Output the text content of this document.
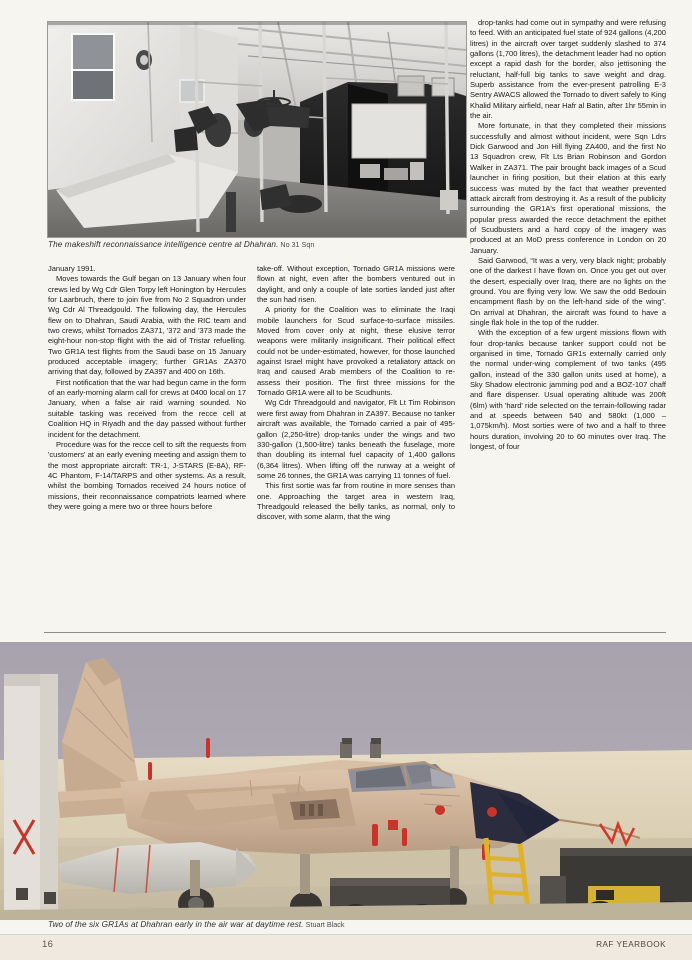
The makeshift reconnaissance intelligence centre at Dhahran. No 31 Sqn

drop-tanks had come out in sympathy and were refusing to feed. With an anticipated fuel state of 924 gallons (4,200 litres) in the aircraft over target suddenly slashed to 374 gallons (1,700 litres), the detachment leader had no option except a rapid dash for the border, also jettisoning the reluctant, half-full big tanks to save weight and drag. Superb assistance from the ever-present patrolling E-3 Sentry AWACS allowed the Tornado to divert safely to King Khalid Military airfield, near Hafr al Batin, after 1hr 55min in the air.

More fortunate, in that they completed their missions successfully and almost without incident, were Sqn Ldrs Dick Garwood and Jon Hill flying ZA400, and the first No 13 Squadron crew, Flt Lts Brian Robinson and Gordon Walker in ZA371. The pair brought back images of a Scud launcher in firing position, but their elation at this early success was muted by the fact that weather prevented attack aircraft from destroying it. As a result of the publicity surrounding the GR1A's first operational missions, the popular press awarded the recce detachment the epithet of Scudbusters and a hard copy of the imagery was produced at an MoD press conference in London on 20 January.

Said Garwood, “It was a very, very black night; probably one of the darkest I have flown on. Once you get out over the desert, especially over Iraq, there are no lights on the ground. You are flying very low. We saw the odd Bedouin encampment flash by on the left-hand side of the wing”. On arrival at Dhahran, the aircraft was found to have a single flak hole in the top of the rudder.

With the exception of a few urgent missions flown with four drop-tanks because tanker support could not be organised in time, Tornado GR1s externally carried only the normal under-wing complement of two tanks (495 gallon, instead of the 330 gallon units used at home), a Sky Shadow electronic jamming pod and a BOZ-107 chaff and flare dispenser. Usual operating altitude was 200ft (6lm) with 'hard' ride selected on the terrain-following radar and at speeds between 540 and 580kt (1,000 – 1,075km/h). Most sorties were of two and a half to three hours duration, involving 20 to 60 minutes over Iraq. The longest, of four

January 1991.

Moves towards the Gulf began on 13 January when four crews led by Wg Cdr Glen Torpy left Honington by Hercules for Laarbruch, there to join five from No 2 Squadron under Wg Cdr Al Threadgould. The following day, the Hercules flew on to Dhahran, Saudi Arabia, with the RIC team and two crews, whilst Tornados ZA371, '372 and '373 made the eight-hour non-stop flight with the aid of Tristar refuelling. Two GR1A test flights from the Saudi base on 15 January produced acceptable imagery; further GR1As ZA370 arriving that day, followed by ZA397 and 400 on 16th.

First notification that the war had begun came in the form of an early-morning alarm call for crews at 0400 local on 17 January, when a false air raid warning sounded. No suitable tasking was received from the recce cell at Coalition HQ in Riyadh and the day passed without further incident for the detachment.

Procedure was for the recce cell to sift the requests from 'customers' at an early evening meeting and assign them to the most appropriate aircraft: TR-1, J-STARS (E-8A), RF-4C Phantom, F-14/TARPS and other systems. As a result, whilst the bombing Tornados received 24 hours notice of missions, their reconnaissance compatriots learned where they were going a mere two or three hours before

take-off. Without exception, Tornado GR1A missions were flown at night, even after the bombers ventured out in daylight, and only a couple of late sorties landed just after the sun had risen.

A priority for the Coalition was to eliminate the Iraqi mobile launchers for Scud surface-to-surface missiles. Moved from cover only at night, these elusive terror weapons were militarily insignificant. Their political effect could not be under-estimated, however, for those launched against Israel might have provoked a retaliatory attack on Iraq and caused Arab members of the Coalition to re-assess their position. The first three missions for the Tornado GR1A were all to be Scudhunts.

Wg Cdr Threadgould and navigator, Flt Lt Tim Robinson were first away from Dhahran in ZA397. Because no tanker aircraft was available, the Tornado carried a pair of 495-gallon (2,250-litre) drop-tanks under the wings and two 330-gallon (1,500-litre) tanks beneath the fuselage, more than doubling its internal fuel capacity of 1,400 gallons (6,364 litres). When lifting off the runway at a weight of some 26 tonnes, the GR1A was carrying 11 tonnes of fuel.

This first sortie was far from routine in more senses than one. Approaching the target area in western Iraq, Threadgould released the belly tanks, as normal, only to discover, with some alarm, that the wing

Two of the six GR1As at Dhahran early in the air war at daytime rest. Stuart Black
16	RAF YEARBOOK
